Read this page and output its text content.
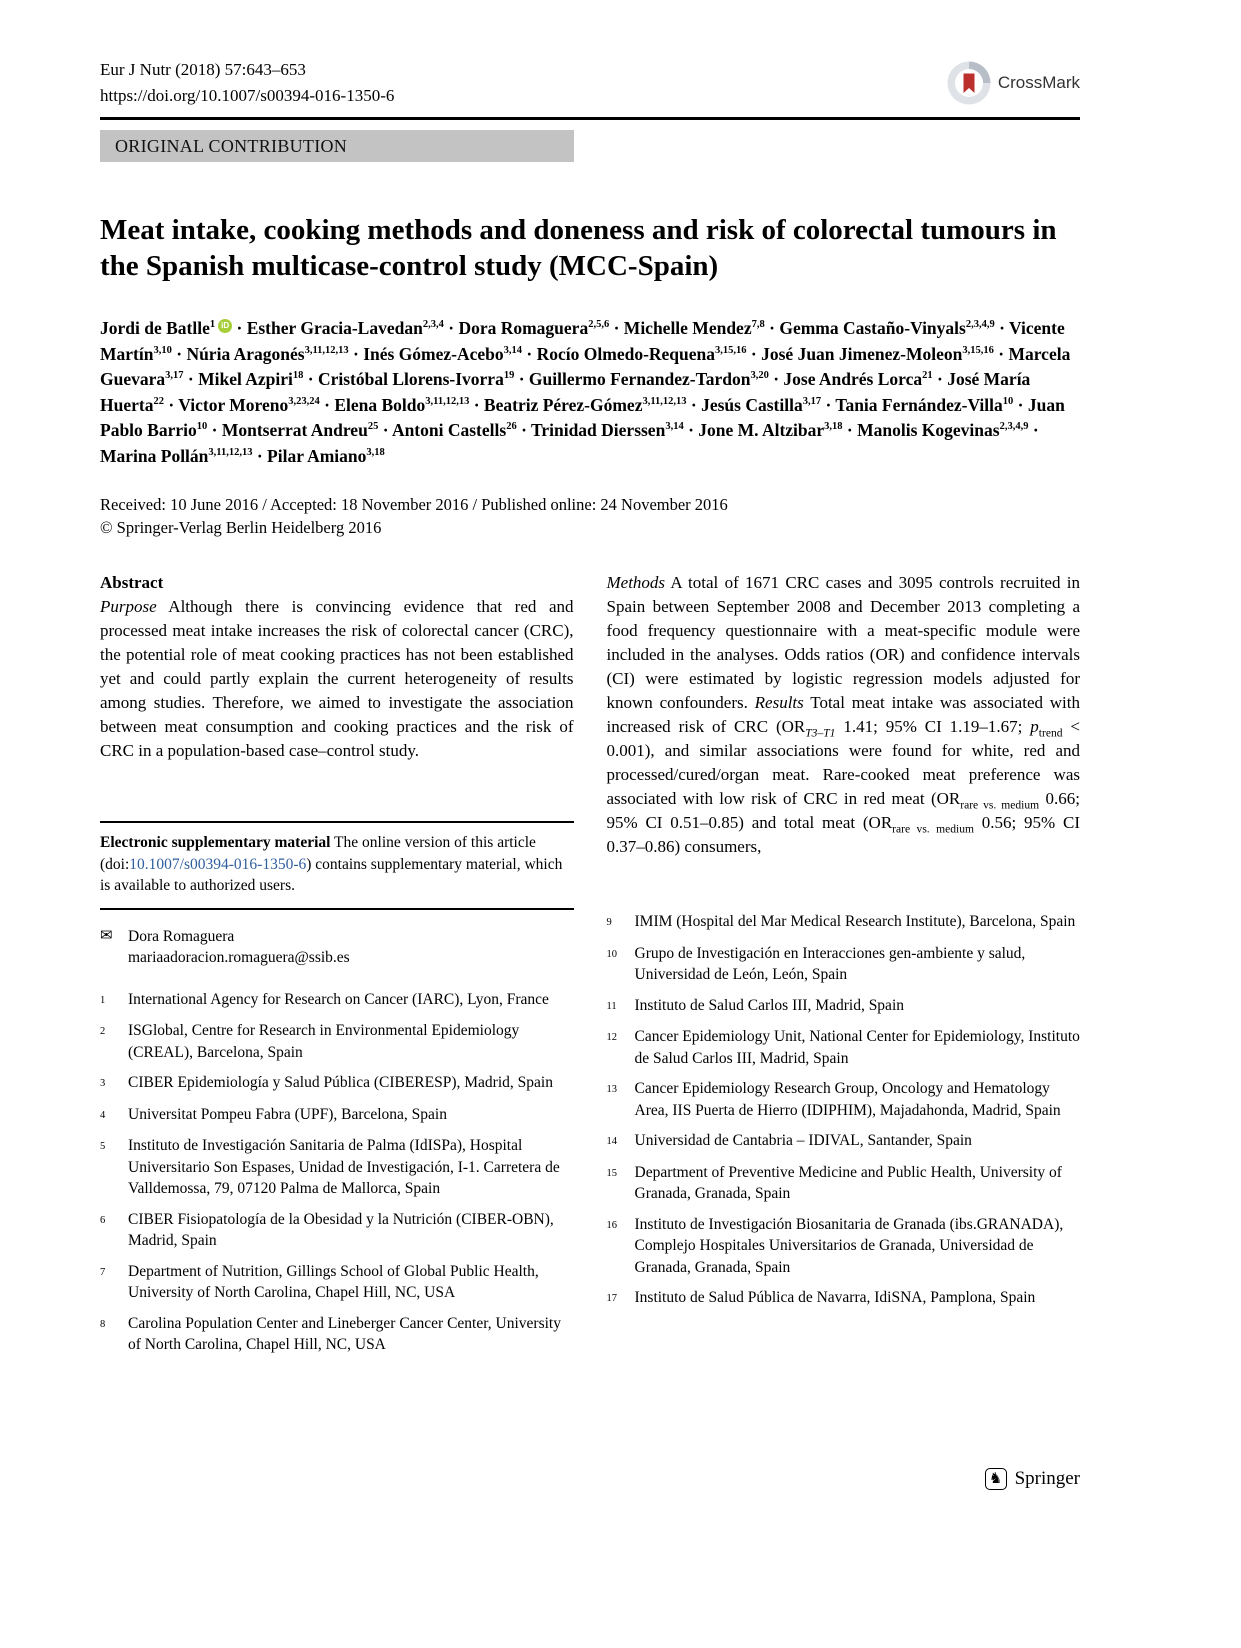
Eur J Nutr (2018) 57:643–653
https://doi.org/10.1007/s00394-016-1350-6
CrossMark
ORIGINAL CONTRIBUTION
Meat intake, cooking methods and doneness and risk of colorectal tumours in the Spanish multicase-control study (MCC-Spain)
Jordi de Batlle$^1$ iD · Esther Gracia-Lavedan$^{2,3,4}$ · Dora Romaguera$^{2,5,6}$ · Michelle Mendez$^{7,8}$ · Gemma Castaño-Vinyals$^{2,3,4,9}$ · Vicente Martín$^{3,10}$ · Núria Aragonés$^{3,11,12,13}$ · Inés Gómez-Acebo$^{3,14}$ · Rocío Olmedo-Requena$^{3,15,16}$ · José Juan Jimenez-Moleon$^{3,15,16}$ · Marcela Guevara$^{3,17}$ · Mikel Azpiri$^{18}$ · Cristóbal Llorens-Ivorra$^{19}$ · Guillermo Fernandez-Tardon$^{3,20}$ · Jose Andrés Lorca$^{21}$ · José María Huerta$^{22}$ · Victor Moreno$^{3,23,24}$ · Elena Boldo$^{3,11,12,13}$ · Beatriz Pérez-Gómez$^{3,11,12,13}$ · Jesús Castilla$^{3,17}$ · Tania Fernández-Villa$^{10}$ · Juan Pablo Barrio$^{10}$ · Montserrat Andreu$^{25}$ · Antoni Castells$^{26}$ · Trinidad Dierssen$^{3,14}$ · Jone M. Altzibar$^{3,18}$ · Manolis Kogevinas$^{2,3,4,9}$ · Marina Pollán$^{3,11,12,13}$ · Pilar Amiano$^{3,18}$
Received: 10 June 2016 / Accepted: 18 November 2016 / Published online: 24 November 2016
© Springer-Verlag Berlin Heidelberg 2016
Abstract

Purpose Although there is convincing evidence that red and processed meat intake increases the risk of colorectal cancer (CRC), the potential role of meat cooking practices has not been established yet and could partly explain the current heterogeneity of results among studies. Therefore, we aimed to investigate the association between meat consumption and cooking practices and the risk of CRC in a population-based case–control study.

Electronic supplementary material The online version of this article (doi:10.1007/s00394-016-1350-6) contains supplementary material, which is available to authorized users.
✉ Dora Romaguera
mariaadoracion.romaguera@ssib.es
1	International Agency for Research on Cancer (IARC), Lyon, France
2	ISGlobal, Centre for Research in Environmental Epidemiology (CREAL), Barcelona, Spain
3	CIBER Epidemiología y Salud Pública (CIBERESP), Madrid, Spain
4	Universitat Pompeu Fabra (UPF), Barcelona, Spain
5	Instituto de Investigación Sanitaria de Palma (IdISPa), Hospital Universitario Son Espases, Unidad de Investigación, I-1. Carretera de Valldemossa, 79, 07120 Palma de Mallorca, Spain
6	CIBER Fisiopatología de la Obesidad y la Nutrición (CIBER-OBN), Madrid, Spain
7	Department of Nutrition, Gillings School of Global Public Health, University of North Carolina, Chapel Hill, NC, USA
8	Carolina Population Center and Lineberger Cancer Center, University of North Carolina, Chapel Hill, NC, USA

Methods A total of 1671 CRC cases and 3095 controls recruited in Spain between September 2008 and December 2013 completing a food frequency questionnaire with a meat-specific module were included in the analyses. Odds ratios (OR) and confidence intervals (CI) were estimated by logistic regression models adjusted for known confounders. Results Total meat intake was associated with increased risk of CRC ($OR_{T3-T1}$ 1.41; 95% CI 1.19–1.67; $p_{trend} < 0.001$), and similar associations were found for white, red and processed/cured/organ meat. Rare-cooked meat preference was associated with low risk of CRC in red meat ($OR_{rare vs. medium}$ 0.66; 95% CI 0.51–0.85) and total meat ($OR_{rare vs. medium}$ 0.56; 95% CI 0.37–0.86) consumers,

9	IMIM (Hospital del Mar Medical Research Institute), Barcelona, Spain
10	Grupo de Investigación en Interacciones gen-ambiente y salud, Universidad de León, León, Spain
11	Instituto de Salud Carlos III, Madrid, Spain
12	Cancer Epidemiology Unit, National Center for Epidemiology, Instituto de Salud Carlos III, Madrid, Spain
13	Cancer Epidemiology Research Group, Oncology and Hematology Area, IIS Puerta de Hierro (IDIPHIM), Majadahonda, Madrid, Spain
14	Universidad de Cantabria – IDIVAL, Santander, Spain
15	Department of Preventive Medicine and Public Health, University of Granada, Granada, Spain
16	Instituto de Investigación Biosanitaria de Granada (ibs.GRANADA), Complejo Hospitales Universitarios de Granada, Universidad de Granada, Granada, Spain
17	Instituto de Salud Pública de Navarra, IdiSNA, Pamplona, Spain
♞ Springer
